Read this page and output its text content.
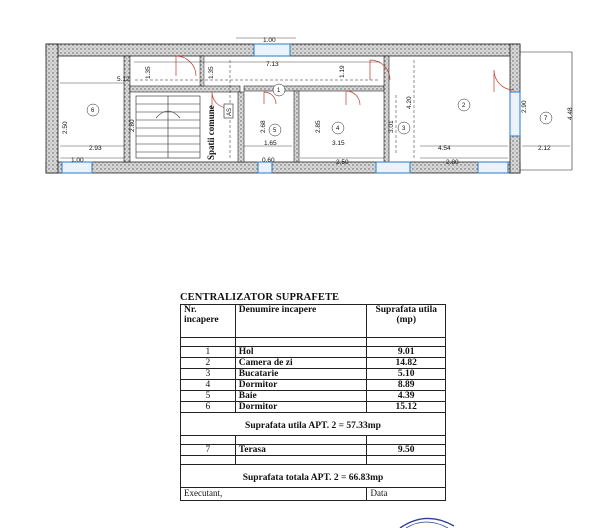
1.00
7.13
5.12
1.35	1.35	1.19
2.50
2.93
2.80
1.00
2.68
1.65
0.60
2.85
3.15
2.50
3.01
4.20
4.54
2.80
2.90
2.12
4.48
6
1
2
3
4
5
7
Spatii comune AS
CENTRALIZATOR SUPRAFETE
Nr. incapere	Denumire incapere	Suprafata utila (mp)

1	Hol	9.01
2	Camera de zi	14.82
3	Bucatarie	5.10
4	Dormitor	8.89
5	Baie	4.39
6	Dormitor	15.12
Suprafata utila APT. 2 = 57.33mp		

7	Terasa	9.50

Suprafata totala APT. 2 = 66.83mp		
Executant,		Data
